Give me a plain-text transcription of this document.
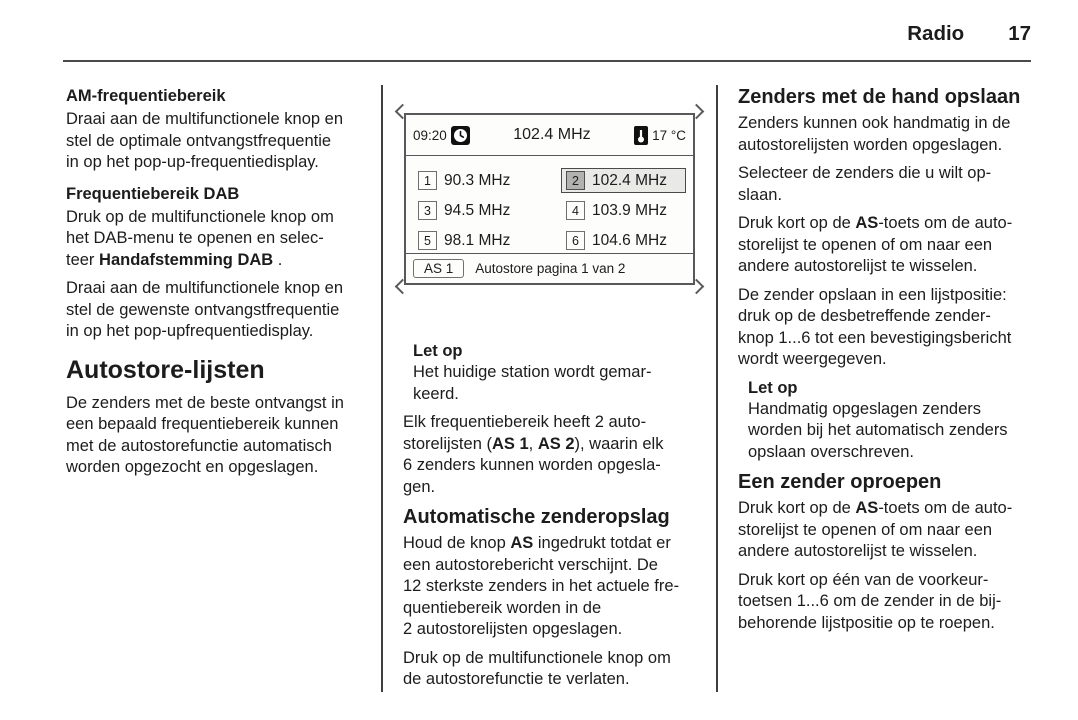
Radio 17
AM-frequentiebereik
Draai aan de multifunctionele knop en
stel de optimale ontvangstfrequentie
in op het pop-up-frequentiedisplay.
Frequentiebereik DAB
Druk op de multifunctionele knop om
het DAB-menu te openen en selec-
teer Handafstemming DAB .
Draai aan de multifunctionele knop en
stel de gewenste ontvangstfrequentie
in op het pop-upfrequentiedisplay.
Autostore-lijsten
De zenders met de beste ontvangst in
een bepaald frequentiebereik kunnen
met de autostorefunctie automatisch
worden opgezocht en opgeslagen.
09:20	102.4 MHz	17 °C
1 90.3 MHz	2 102.4 MHz
3 94.5 MHz	4 103.9 MHz
5 98.1 MHz	6 104.6 MHz
AS 1	Autostore pagina 1 van 2
Let op
Het huidige station wordt gemar-
keerd.
Elk frequentiebereik heeft 2 auto-
storelijsten (AS 1, AS 2), waarin elk
6 zenders kunnen worden opgesla-
gen.
Automatische zenderopslag
Houd de knop AS ingedrukt totdat er
een autostorebericht verschijnt. De
12 sterkste zenders in het actuele fre-
quentiebereik worden in de
2 autostorelijsten opgeslagen.
Druk op de multifunctionele knop om
de autostorefunctie te verlaten.
Zenders met de hand opslaan
Zenders kunnen ook handmatig in de
autostorelijsten worden opgeslagen.
Selecteer de zenders die u wilt op-
slaan.
Druk kort op de AS-toets om de auto-
storelijst te openen of om naar een
andere autostorelijst te wisselen.
De zender opslaan in een lijstpositie:
druk op de desbetreffende zender-
knop 1...6 tot een bevestigingsbericht
wordt weergegeven.
Let op
Handmatig opgeslagen zenders
worden bij het automatisch zenders
opslaan overschreven.
Een zender oproepen
Druk kort op de AS-toets om de auto-
storelijst te openen of om naar een
andere autostorelijst te wisselen.
Druk kort op één van de voorkeur-
toetsen 1...6 om de zender in de bij-
behorende lijstpositie op te roepen.
